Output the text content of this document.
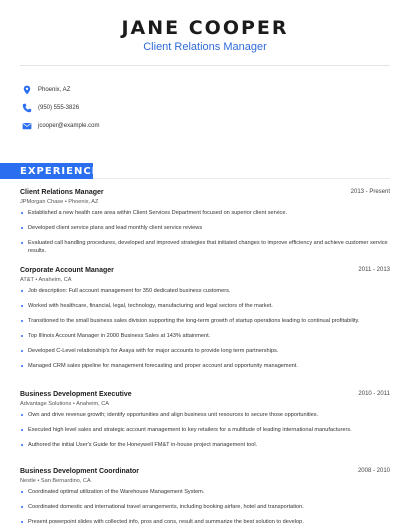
JANE COOPER
Client Relations Manager
Phoenix, AZ
(950) 555-3826
jcooper@example.com
EXPERIENCE
Client Relations Manager	2013 - Present
JPMorgan Chase • Phoenix, AZ
Established a new health care area within Client Services Department focused on superior client service.
Developed client service plans and lead monthly client service reviews
Evaluated call handling procedures, developed and improved strategies that initiated changes to improve efficiency and achieve customer service results.
Corporate Account Manager	2011 - 2013
AT&T • Anaheim, CA
Job description: Full account management for 350 dedicated business customers.
Worked with healthcare, financial, legal, technology, manufacturing and legal sectors of the market.
Transitioned to the small business sales division supporting the long-term growth of startup operations leading to continual profitability.
Top Illinois Account Manager in 2000 Business Sales at 143% attainment.
Developed C-Level relationship's for Avaya with for major accounts to provide long term partnerships.
Managed CRM sales pipeline for management forecasting and proper account and opportunity management.
Business Development Executive	2010 - 2011
Advantage Solutions • Anaheim, CA
Own and drive revenue growth; identify opportunities and align business unit resources to secure those opportunities.
Executed high level sales and strategic account management to key retailers for a multitude of leading international manufacturers.
Authored the initial User's Guide for the Honeywell FM&T in-house project management tool.
Business Development Coordinator	2008 - 2010
Nestle • San Bernardino, CA
Coordinated optimal utilization of the Warehouse Management System.
Coordinated domestic and international travel arrangements, including booking airfare, hotel and transportation.
Present powerpoint slides with collected info, pros and cons, result and summarize the best solution to develop.
